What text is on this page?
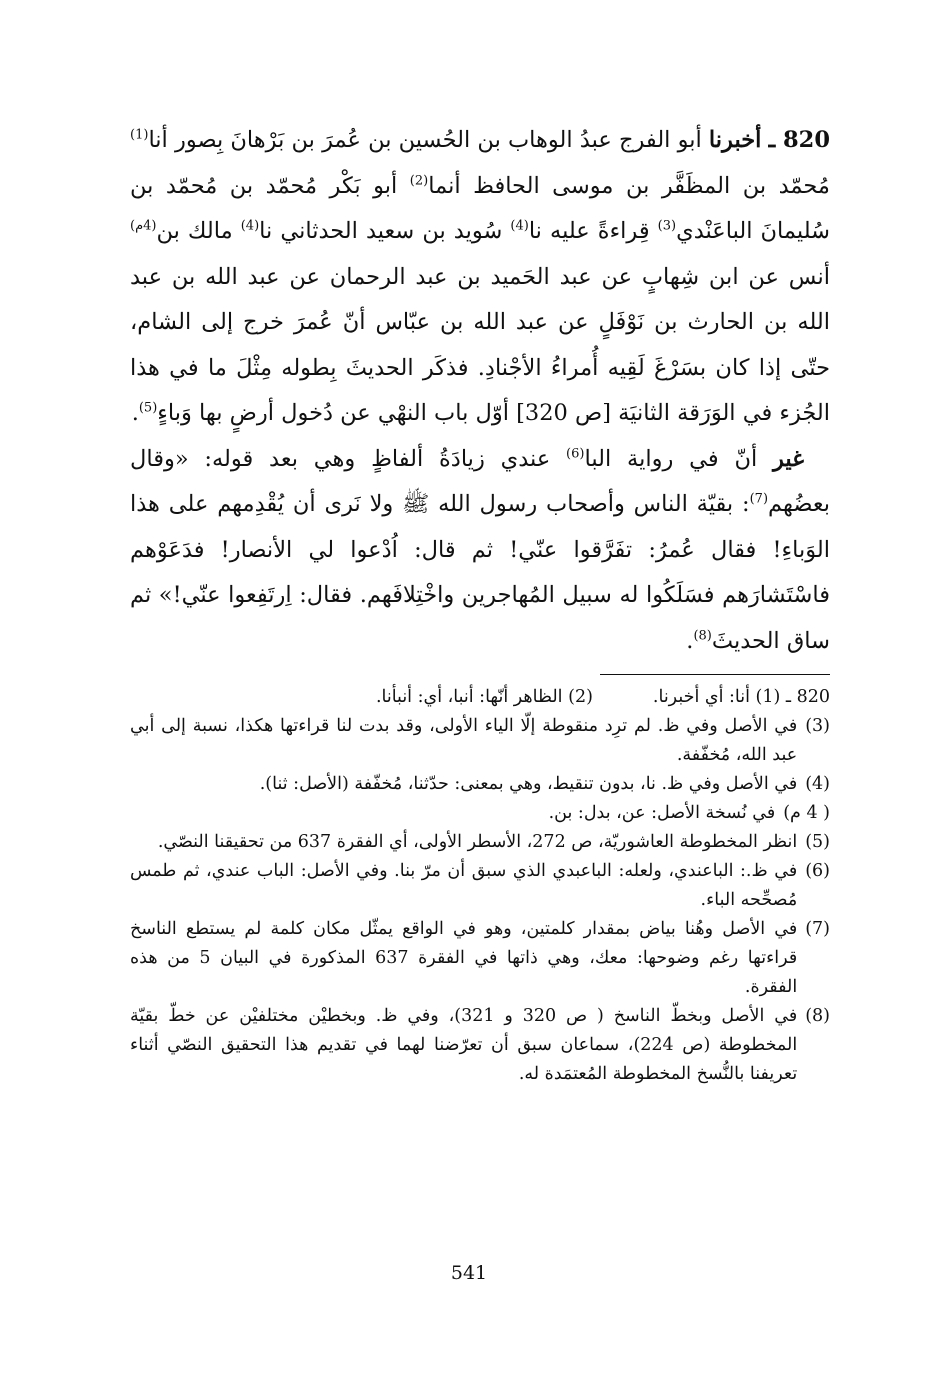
820 ـ أخبرنا أبو الفرج عبدُ الوهاب بن الحُسين بن عُمرَ بن بَرْهانَ بِصور أنا$^{(1)}$ مُحمّد بن المظَفَّر بن موسى الحافظ أنما$^{(2)}$ أبو بَكْر مُحمّد بن مُحمّد بن سُليمانَ الباعَنْدي$^{(3)}$ قِراءةً عليه نا$^{(4)}$ سُويد بن سعيد الحدثاني نا$^{(4)}$ مالك بن$^{(4م)}$ أنس عن ابن شِهابٍ عن عبد الحَميد بن عبد الرحمان عن عبد الله بن عبد الله بن الحارث بن نَوْفَلٍ عن عبد الله بن عبّاس أنّ عُمرَ خرج إلى الشام، حتّى إذا كان بسَرْغَ لَقِيه أُمراءُ الأجْنادِ. فذكَر الحديثَ بِطوله مِثْلَ ما في هذا الجُزء في الوَرَقة الثانيَة [ص 320] أوّل باب النهْي عن دُخول أرضٍ بها وَباءٍ$^{(5)}$.

غير أنّ في رواية البا$^{(6)}$ عندي زيادَةُ ألفاظٍ وهي بعد قوله: «وقال بعضُهم$^{(7)}$: بقيّة الناس وأصحاب رسول الله ﷺ ولا نَرى أن يُقْدِمهم على هذا الوَباءِ! فقال عُمرُ: تفَرَّقوا عنّي! ثم قال: اُدْعوا لي الأنصار! فدَعَوْهم فاسْتَشارَهم فسَلَكُوا له سبيل المُهاجرين واخْتِلافَهم. فقال: اِرتَفِعوا عنّي!» ثم ساق الحديثَ$^{(8)}$.

820 ـ (1) أنا: أي أخبرنا.
(2) الظاهر أنّها: أنبا، أي: أنبأنا.
(3)
في الأصل وفي ظ. لم ترِد منقوطة إلّا الياء الأولى، وقد بدت لنا قراءتها هكذا، نسبة إلى أبي عبد الله، مُخفّفة.
(4)
في الأصل وفي ظ. نا، بدون تنقيط، وهي بمعنى: حدّثنا، مُخفّفة (الأصل: ثنا).
( 4 م)
في نُسخة الأصل: عن، بدل: بن.
(5)
انظر المخطوطة العاشوريّة، ص 272، الأسطر الأولى، أي الفقرة 637 من تحقيقنا النصّي.
(6)
في ظ.: الباعندي، ولعله: الباعبدي الذي سبق أن مرّ بنا. وفي الأصل: الباب عندي، ثم طمس مُصحِّحه الباء.
(7)
في الأصل وهُنا بياض بمقدار كلمتين، وهو في الواقع يمثّل مكان كلمة لم يستطع الناسخ قراءتها رغم وضوحها: معك، وهي ذاتها في الفقرة 637 المذكورة في البيان 5 من هذه الفقرة.
(8)
في الأصل وبخطّ الناسخ ( ص 320 و 321)، وفي ظ. وبخطيْن مختلفيْن عن خطّ بقيّة المخطوطة (ص 224)، سماعان سبق أن تعرّضنا لهما في تقديم هذا التحقيق النصّي أثناء تعريفنا بالنُّسخ المخطوطة المُعتمَدة له.
541
